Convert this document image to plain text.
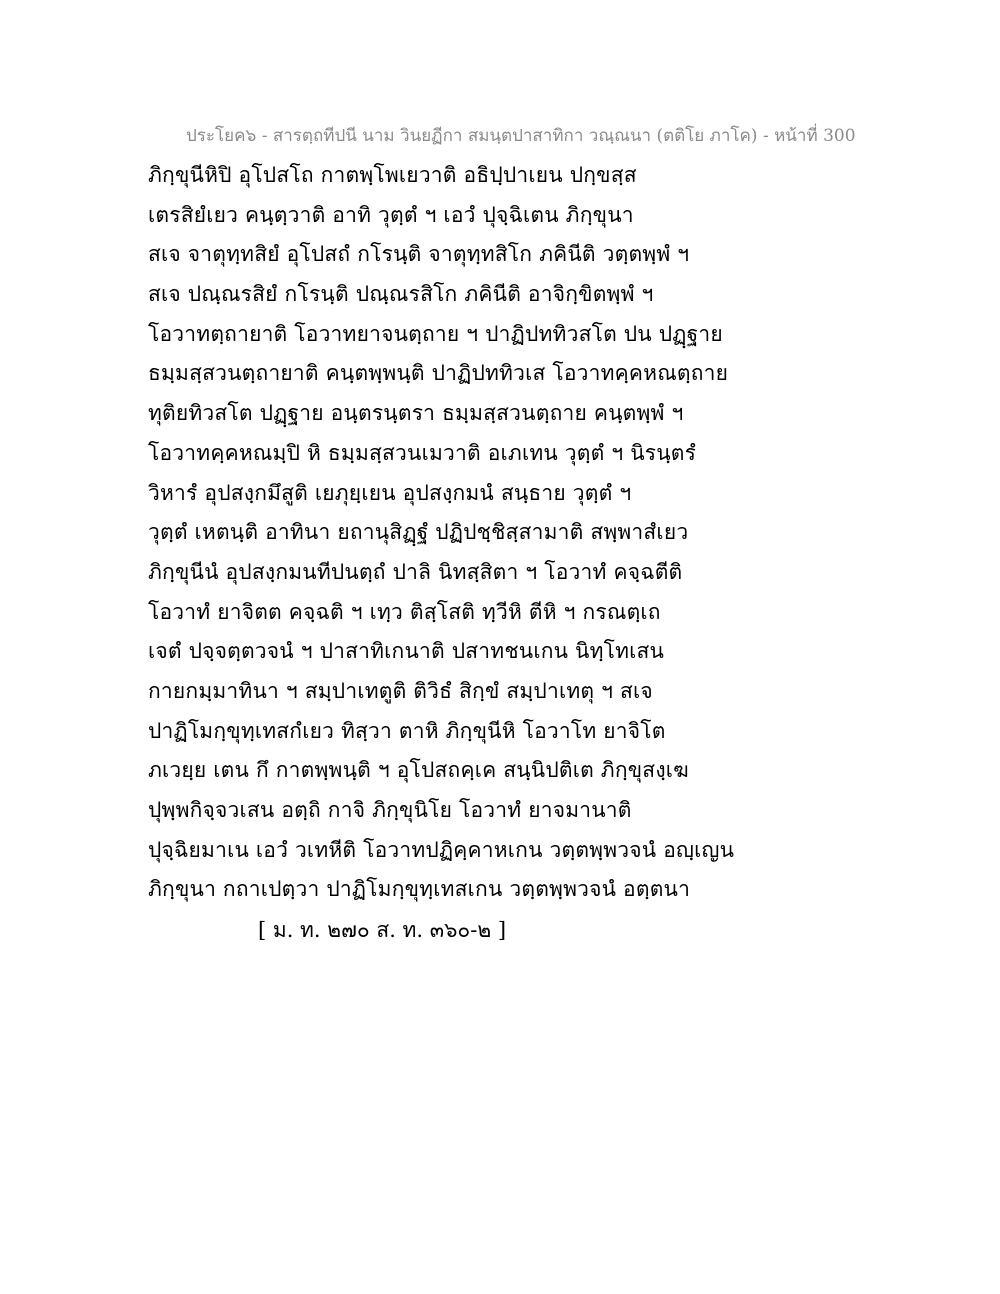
ประโยค๖ - สารตฺถทีปนี นาม วินยฏีกา สมนฺตปาสาทิกา วณฺณนา (ตติโย ภาโค) - หน้าที่ 300
ภิกฺขุนีหิปิ อุโปสโถ กาตพฺโพเยวาติ อธิปฺปาเยน ปกฺขสฺส
เตรสิยํเยว คนฺตฺวาติ อาทิ วุตฺตํ ฯ เอวํ ปุจฺฉิเตน ภิกฺขุนา
สเจ จาตุทฺทสิยํ อุโปสถํ กโรนฺติ จาตุทฺทสิโก ภคินีติ วตฺตพฺพํ ฯ
สเจ ปณฺณรสิยํ กโรนฺติ ปณฺณรสิโก ภคินีติ อาจิกฺขิตพฺพํ ฯ
โอวาทตฺถายาติ โอวาทยาจนตฺถาย ฯ ปาฏิปททิวสโต ปน ปฏฺฐาย
ธมฺมสฺสวนตฺถายาติ คนฺตพฺพนฺติ ปาฏิปททิวเส โอวาทคฺคหณตฺถาย
ทุติยทิวสโต ปฏฺฐาย อนฺตรนฺตรา ธมฺมสฺสวนตฺถาย คนฺตพฺพํ ฯ
โอวาทคฺคหณมฺปิ หิ ธมฺมสฺสวนเมวาติ อเภเทน วุตฺตํ ฯ นิรนฺตรํ
วิหารํ อุปสงฺกมึสูติ เยภุยฺเยน อุปสงฺกมนํ สนฺธาย วุตฺตํ ฯ
วุตฺตํ เหตนฺติ อาทินา ยถานุสิฏฺฐํ ปฏิปชฺชิสฺสามาติ สพฺพาสํเยว
ภิกฺขุนีนํ อุปสงฺกมนทีปนตฺถํ ปาลิ นิทสฺสิตา ฯ โอวาทํ คจฺฉตีติ
โอวาทํ ยาจิตต คจฺฉติ ฯ เทฺว ติสฺโสติ ทฺวีหิ ตีหิ ฯ กรณตฺเถ
เจตํ ปจฺจตฺตวจนํ ฯ ปาสาทิเกนาติ ปสาทชนเกน นิทฺโทเสน
กายกมฺมาทินา ฯ สมฺปาเทตูติ ติวิธํ สิกฺขํ สมฺปาเทตุ ฯ สเจ
ปาฏิโมกฺขุทฺเทสกํเยว ทิสฺวา ตาหิ ภิกฺขุนีหิ โอวาโท ยาจิโต
ภเวยฺย เตน กึ กาตพฺพนฺติ ฯ อุโปสถคฺเค สนฺนิปติเต ภิกฺขุสงฺเฆ
ปุพฺพกิจฺจวเสน อตฺถิ กาจิ ภิกฺขุนิโย โอวาทํ ยาจมานาติ
ปุจฺฉิยมาเน เอวํ วเทหีติ โอวาทปฏิคฺคาหเกน วตฺตพฺพวจนํ อญฺเญน
ภิกฺขุนา กถาเปตฺวา ปาฏิโมกฺขุทฺเทสเกน วตฺตพฺพวจนํ อตฺตนา
[ ม. ท. ๒๗๐ ส. ท. ๓๖๐-๒ ]
